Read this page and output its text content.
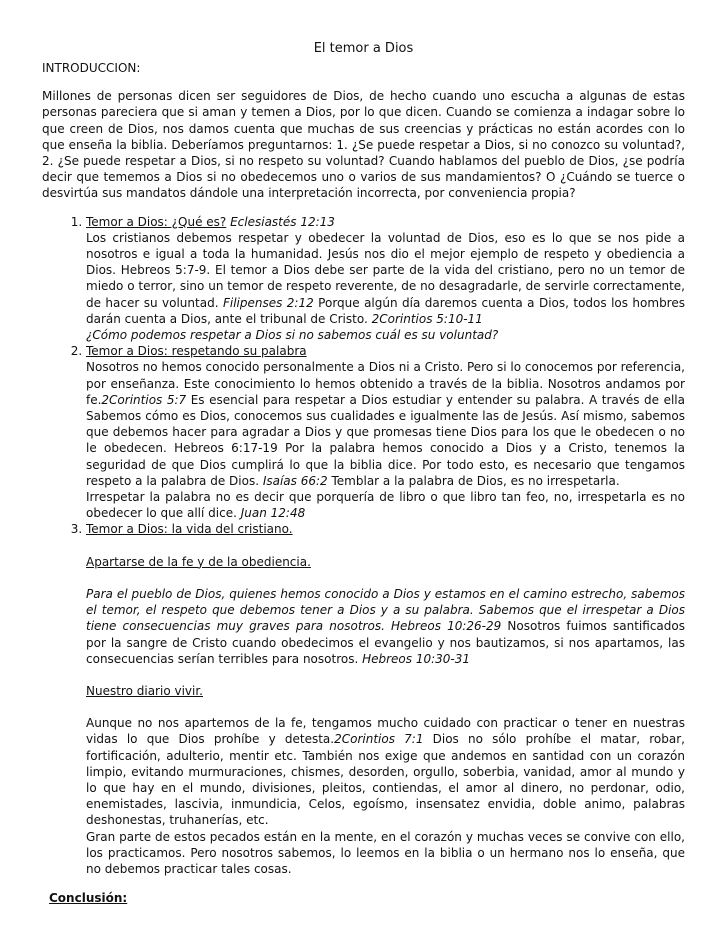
El temor a Dios

INTRODUCCION:

Millones de personas dicen ser seguidores de Dios, de hecho cuando uno escucha a algunas de estas personas pareciera que si aman y temen a Dios, por lo que dicen. Cuando se comienza a indagar sobre lo que creen de Dios, nos damos cuenta que muchas de sus creencias y prácticas no están acordes con lo que enseña la biblia. Deberíamos preguntarnos: 1. ¿Se puede respetar a Dios, si no conozco su voluntad?, 2. ¿Se puede respetar a Dios, si no respeto su voluntad? Cuando hablamos del pueblo de Dios, ¿se podría decir que tememos a Dios si no obedecemos uno o varios de sus mandamientos? O ¿Cuándo se tuerce o desvirtúa sus mandatos dándole una interpretación incorrecta, por conveniencia propia?

1. Temor a Dios: ¿Qué es? Eclesiastés 12:13

Los cristianos debemos respetar y obedecer la voluntad de Dios, eso es lo que se nos pide a nosotros e igual a toda la humanidad. Jesús nos dio el mejor ejemplo de respeto y obediencia a Dios. Hebreos 5:7-9. El temor a Dios debe ser parte de la vida del cristiano, pero no un temor de miedo o terror, sino un temor de respeto reverente, de no desagradarle, de servirle correctamente, de hacer su voluntad. Filipenses 2:12 Porque algún día daremos cuenta a Dios, todos los hombres darán cuenta a Dios, ante el tribunal de Cristo. 2Corintios 5:10-11

¿Cómo podemos respetar a Dios si no sabemos cuál es su voluntad?

2. Temor a Dios: respetando su palabra

Nosotros no hemos conocido personalmente a Dios ni a Cristo. Pero si lo conocemos por referencia, por enseñanza. Este conocimiento lo hemos obtenido a través de la biblia. Nosotros andamos por fe.2Corintios 5:7 Es esencial para respetar a Dios estudiar y entender su palabra. A través de ella Sabemos cómo es Dios, conocemos sus cualidades e igualmente las de Jesús. Así mismo, sabemos que debemos hacer para agradar a Dios y que promesas tiene Dios para los que le obedecen o no le obedecen. Hebreos 6:17-19 Por la palabra hemos conocido a Dios y a Cristo, tenemos la seguridad de que Dios cumplirá lo que la biblia dice. Por todo esto, es necesario que tengamos respeto a la palabra de Dios. Isaías 66:2 Temblar a la palabra de Dios, es no irrespetarla.

Irrespetar la palabra no es decir que porquería de libro o que libro tan feo, no, irrespetarla es no obedecer lo que allí dice. Juan 12:48

3. Temor a Dios: la vida del cristiano.

Apartarse de la fe y de la obediencia.

Para el pueblo de Dios, quienes hemos conocido a Dios y estamos en el camino estrecho, sabemos el temor, el respeto que debemos tener a Dios y a su palabra. Sabemos que el irrespetar a Dios tiene consecuencias muy graves para nosotros. Hebreos 10:26-29 Nosotros fuimos santificados por la sangre de Cristo cuando obedecimos el evangelio y nos bautizamos, si nos apartamos, las consecuencias serían terribles para nosotros. Hebreos 10:30-31

Nuestro diario vivir.

Aunque no nos apartemos de la fe, tengamos mucho cuidado con practicar o tener en nuestras vidas lo que Dios prohíbe y detesta.2Corintios 7:1 Dios no sólo prohíbe el matar, robar, fortificación, adulterio, mentir etc. También nos exige que andemos en santidad con un corazón limpio, evitando murmuraciones, chismes, desorden, orgullo, soberbia, vanidad, amor al mundo y lo que hay en el mundo, divisiones, pleitos, contiendas, el amor al dinero, no perdonar, odio, enemistades, lascivia, inmundicia, Celos, egoísmo, insensatez envidia, doble animo, palabras deshonestas, truhanerías, etc.

Gran parte de estos pecados están en la mente, en el corazón y muchas veces se convive con ello, los practicamos. Pero nosotros sabemos, lo leemos en la biblia o un hermano nos lo enseña, que no debemos practicar tales cosas.

Conclusión:
